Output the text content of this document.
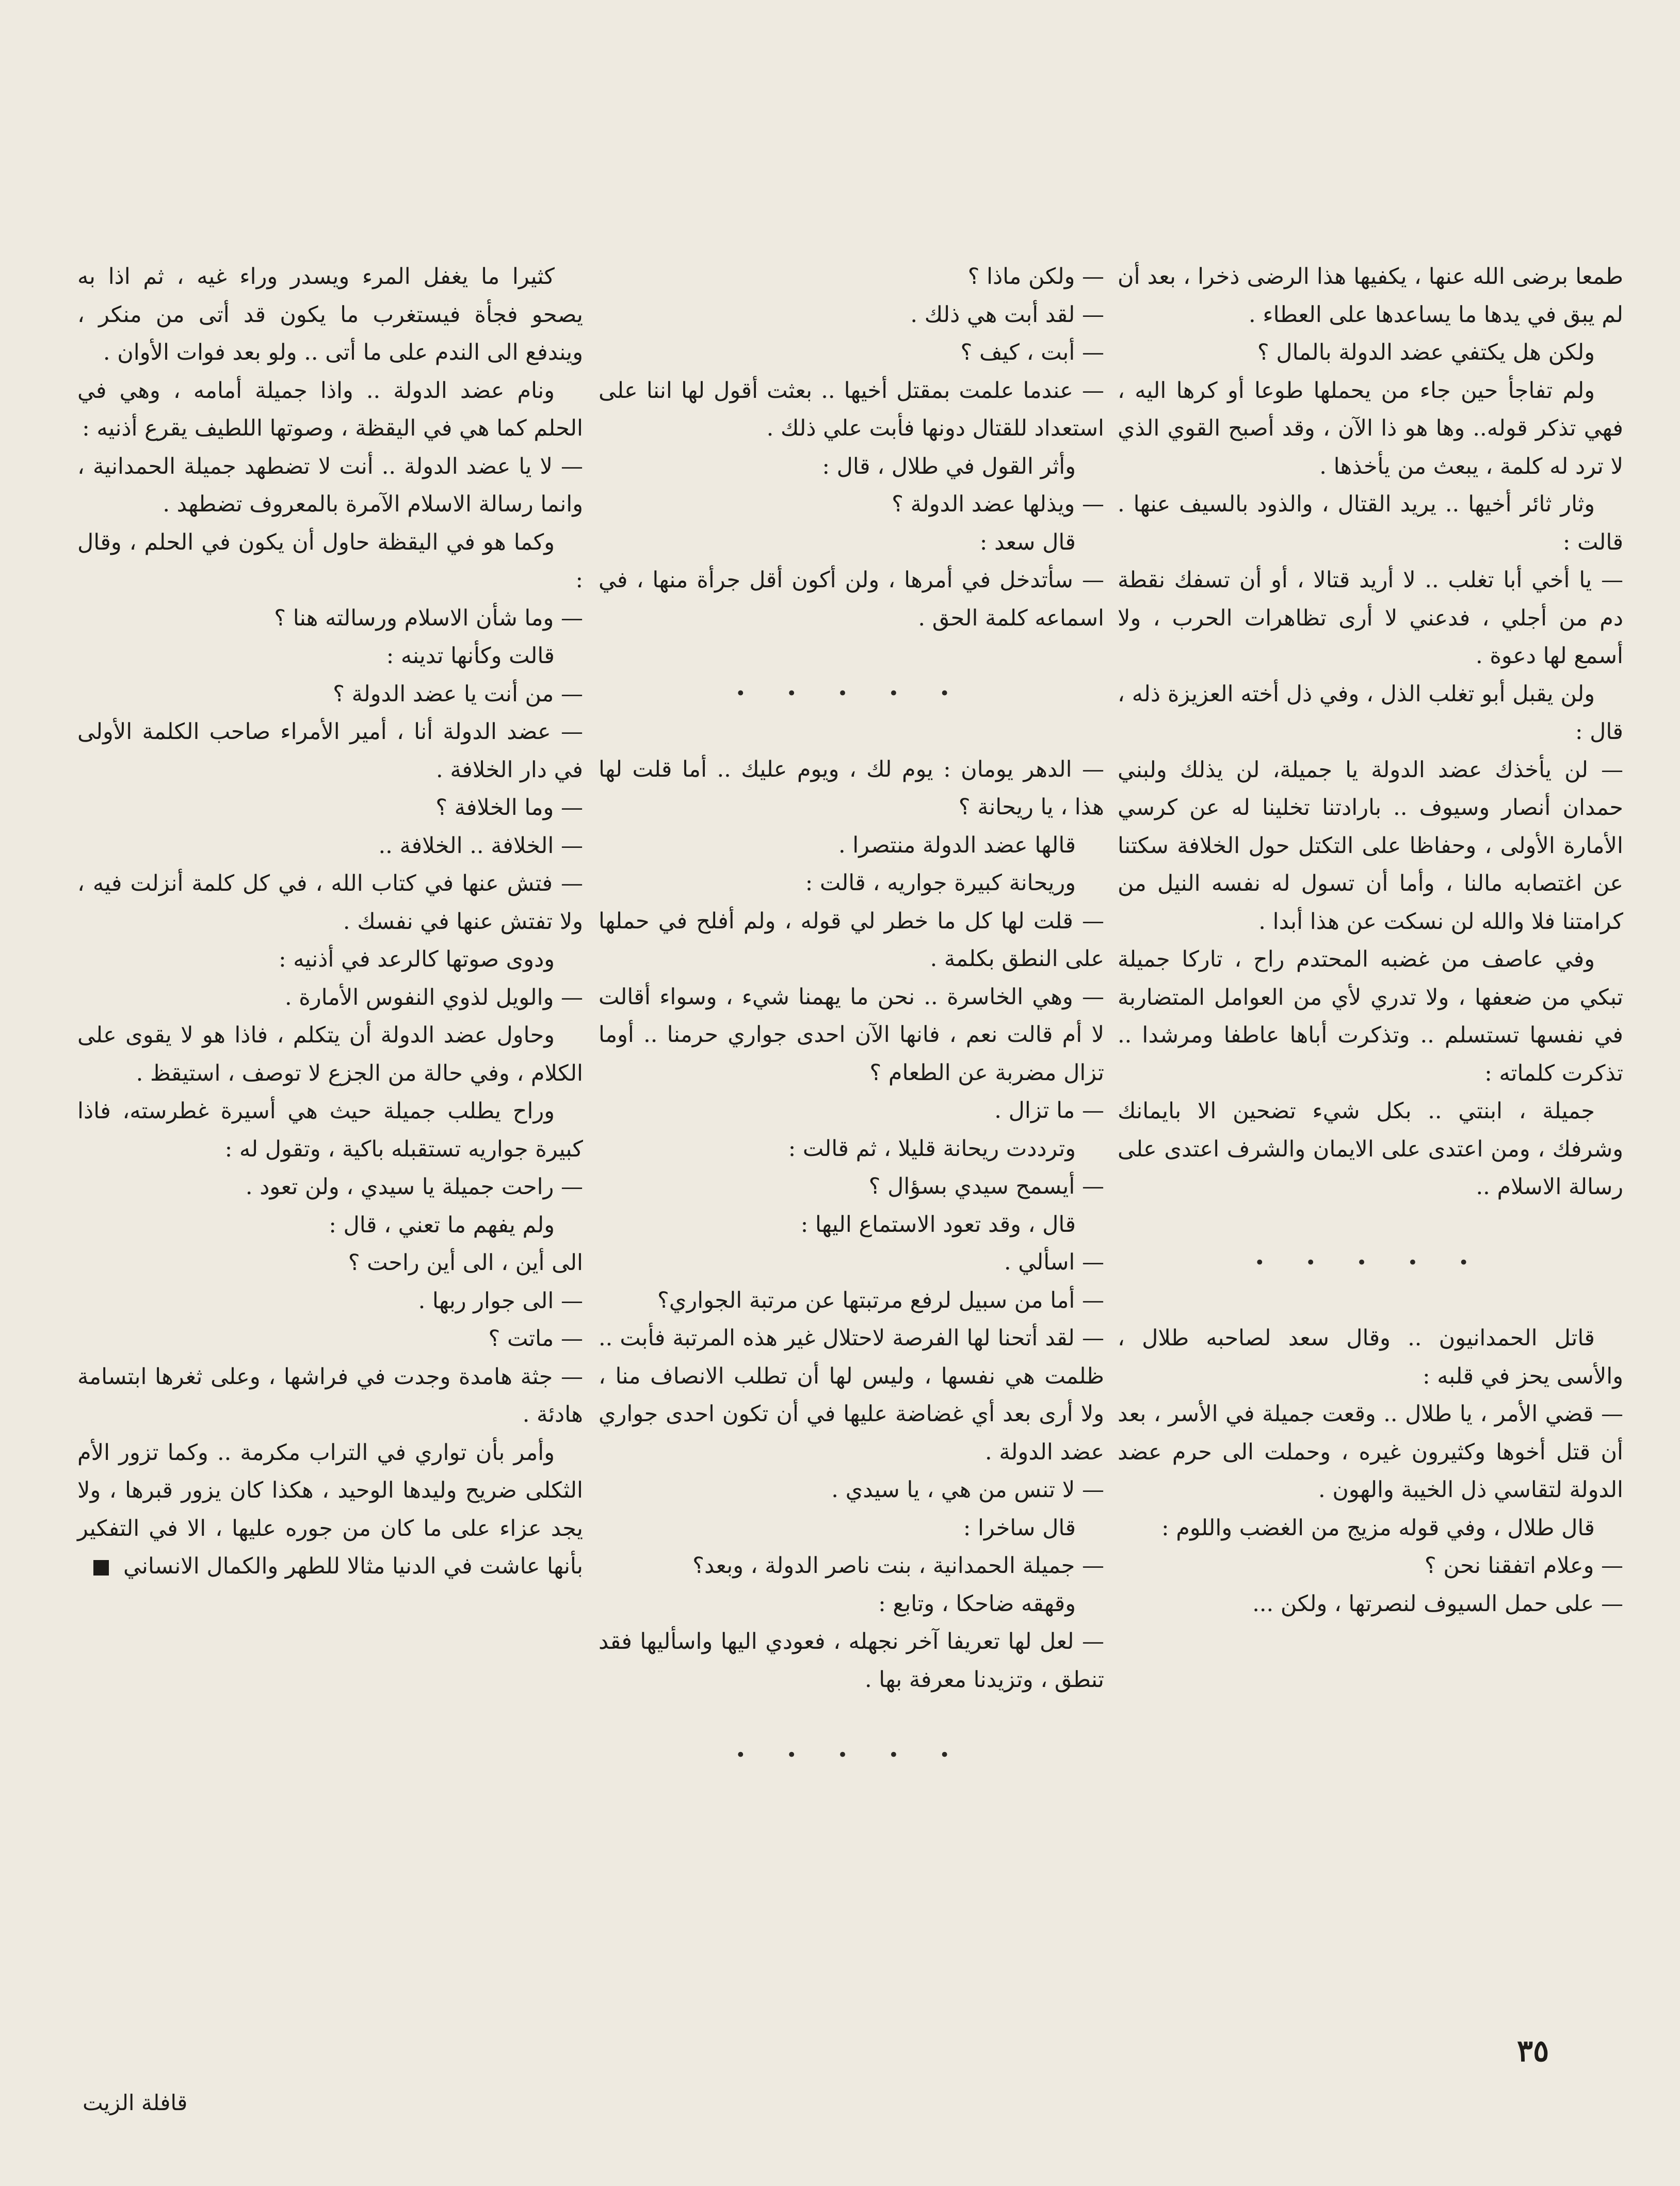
طمعا برضى الله عنها ، يكفيها هذا الرضى ذخرا ، بعد أن لم يبق في يدها ما يساعدها على العطاء .

ولكن هل يكتفي عضد الدولة بالمال ؟

ولم تفاجأ حين جاء من يحملها طوعا أو كرها اليه ، فهي تذكر قوله.. وها هو ذا الآن ، وقد أصبح القوي الذي لا ترد له كلمة ، يبعث من يأخذها .

وثار ثائر أخيها .. يريد القتال ، والذود بالسيف عنها . قالت :

— يا أخي أبا تغلب .. لا أريد قتالا ، أو أن تسفك نقطة دم من أجلي ، فدعني لا أرى تظاهرات الحرب ، ولا أسمع لها دعوة .

ولن يقبل أبو تغلب الذل ، وفي ذل أخته العزيزة ذله ، قال :

— لن يأخذك عضد الدولة يا جميلة، لن يذلك ولبني حمدان أنصار وسيوف .. بارادتنا تخلينا له عن كرسي الأمارة الأولى ، وحفاظا على التكتل حول الخلافة سكتنا عن اغتصابه مالنا ، وأما أن تسول له نفسه النيل من كرامتنا فلا والله لن نسكت عن هذا أبدا .

وفي عاصف من غضبه المحتدم راح ، تاركا جميلة تبكي من ضعفها ، ولا تدري لأي من العوامل المتضاربة في نفسها تستسلم .. وتذكرت أباها عاطفا ومرشدا .. تذكرت كلماته :

جميلة ، ابنتي .. بكل شيء تضحين الا بايمانك وشرفك ، ومن اعتدى على الايمان والشرف اعتدى على رسالة الاسلام ..

• • • • •

قاتل الحمدانيون .. وقال سعد لصاحبه طلال ، والأسى يحز في قلبه :

— قضي الأمر ، يا طلال .. وقعت جميلة في الأسر ، بعد أن قتل أخوها وكثيرون غيره ، وحملت الى حرم عضد الدولة لتقاسي ذل الخيبة والهون .

قال طلال ، وفي قوله مزيج من الغضب واللوم :

— وعلام اتفقنا نحن ؟

— على حمل السيوف لنصرتها ، ولكن ...

— ولكن ماذا ؟

— لقد أبت هي ذلك .

— أبت ، كيف ؟

— عندما علمت بمقتل أخيها .. بعثت أقول لها اننا على استعداد للقتال دونها فأبت علي ذلك .

وأثر القول في طلال ، قال :

— ويذلها عضد الدولة ؟

قال سعد :

— سأتدخل في أمرها ، ولن أكون أقل جرأة منها ، في اسماعه كلمة الحق .

• • • • •

— الدهر يومان : يوم لك ، ويوم عليك .. أما قلت لها هذا ، يا ريحانة ؟

قالها عضد الدولة منتصرا .

وريحانة كبيرة جواريه ، قالت :

— قلت لها كل ما خطر لي قوله ، ولم أفلح في حملها على النطق بكلمة .

— وهي الخاسرة .. نحن ما يهمنا شيء ، وسواء أقالت لا أم قالت نعم ، فانها الآن احدى جواري حرمنا .. أوما تزال مضربة عن الطعام ؟

— ما تزال .

وترددت ريحانة قليلا ، ثم قالت :

— أيسمح سيدي بسؤال ؟

قال ، وقد تعود الاستماع اليها :

— اسألي .

— أما من سبيل لرفع مرتبتها عن مرتبة الجواري؟

— لقد أتحنا لها الفرصة لاحتلال غير هذه المرتبة فأبت .. ظلمت هي نفسها ، وليس لها أن تطلب الانصاف منا ، ولا أرى بعد أي غضاضة عليها في أن تكون احدى جواري عضد الدولة .

— لا تنس من هي ، يا سيدي .

قال ساخرا :

— جميلة الحمدانية ، بنت ناصر الدولة ، وبعد؟

وقهقه ضاحكا ، وتابع :

— لعل لها تعريفا آخر نجهله ، فعودي اليها واسأليها فقد تنطق ، وتزيدنا معرفة بها .

• • • • •

كثيرا ما يغفل المرء ويسدر وراء غيه ، ثم اذا به يصحو فجأة فيستغرب ما يكون قد أتى من منكر ، ويندفع الى الندم على ما أتى .. ولو بعد فوات الأوان .

ونام عضد الدولة .. واذا جميلة أمامه ، وهي في الحلم كما هي في اليقظة ، وصوتها اللطيف يقرع أذنيه :

— لا يا عضد الدولة .. أنت لا تضطهد جميلة الحمدانية ، وانما رسالة الاسلام الآمرة بالمعروف تضطهد .

وكما هو في اليقظة حاول أن يكون في الحلم ، وقال :

— وما شأن الاسلام ورسالته هنا ؟

قالت وكأنها تدينه :

— من أنت يا عضد الدولة ؟

— عضد الدولة أنا ، أمير الأمراء صاحب الكلمة الأولى في دار الخلافة .

— وما الخلافة ؟

— الخلافة .. الخلافة ..

— فتش عنها في كتاب الله ، في كل كلمة أنزلت فيه ، ولا تفتش عنها في نفسك .

ودوى صوتها كالرعد في أذنيه :

— والويل لذوي النفوس الأمارة .

وحاول عضد الدولة أن يتكلم ، فاذا هو لا يقوى على الكلام ، وفي حالة من الجزع لا توصف ، استيقظ .

وراح يطلب جميلة حيث هي أسيرة غطرسته، فاذا كبيرة جواريه تستقبله باكية ، وتقول له :

— راحت جميلة يا سيدي ، ولن تعود .

ولم يفهم ما تعني ، قال :

الى أين ، الى أين راحت ؟

— الى جوار ربها .

— ماتت ؟

— جثة هامدة وجدت في فراشها ، وعلى ثغرها ابتسامة هادئة .

وأمر بأن تواري في التراب مكرمة .. وكما تزور الأم الثكلى ضريح وليدها الوحيد ، هكذا كان يزور قبرها ، ولا يجد عزاء على ما كان من جوره عليها ، الا في التفكير بأنها عاشت في الدنيا مثالا للطهر والكمال الانساني

٣٥
قافلة الزيت
